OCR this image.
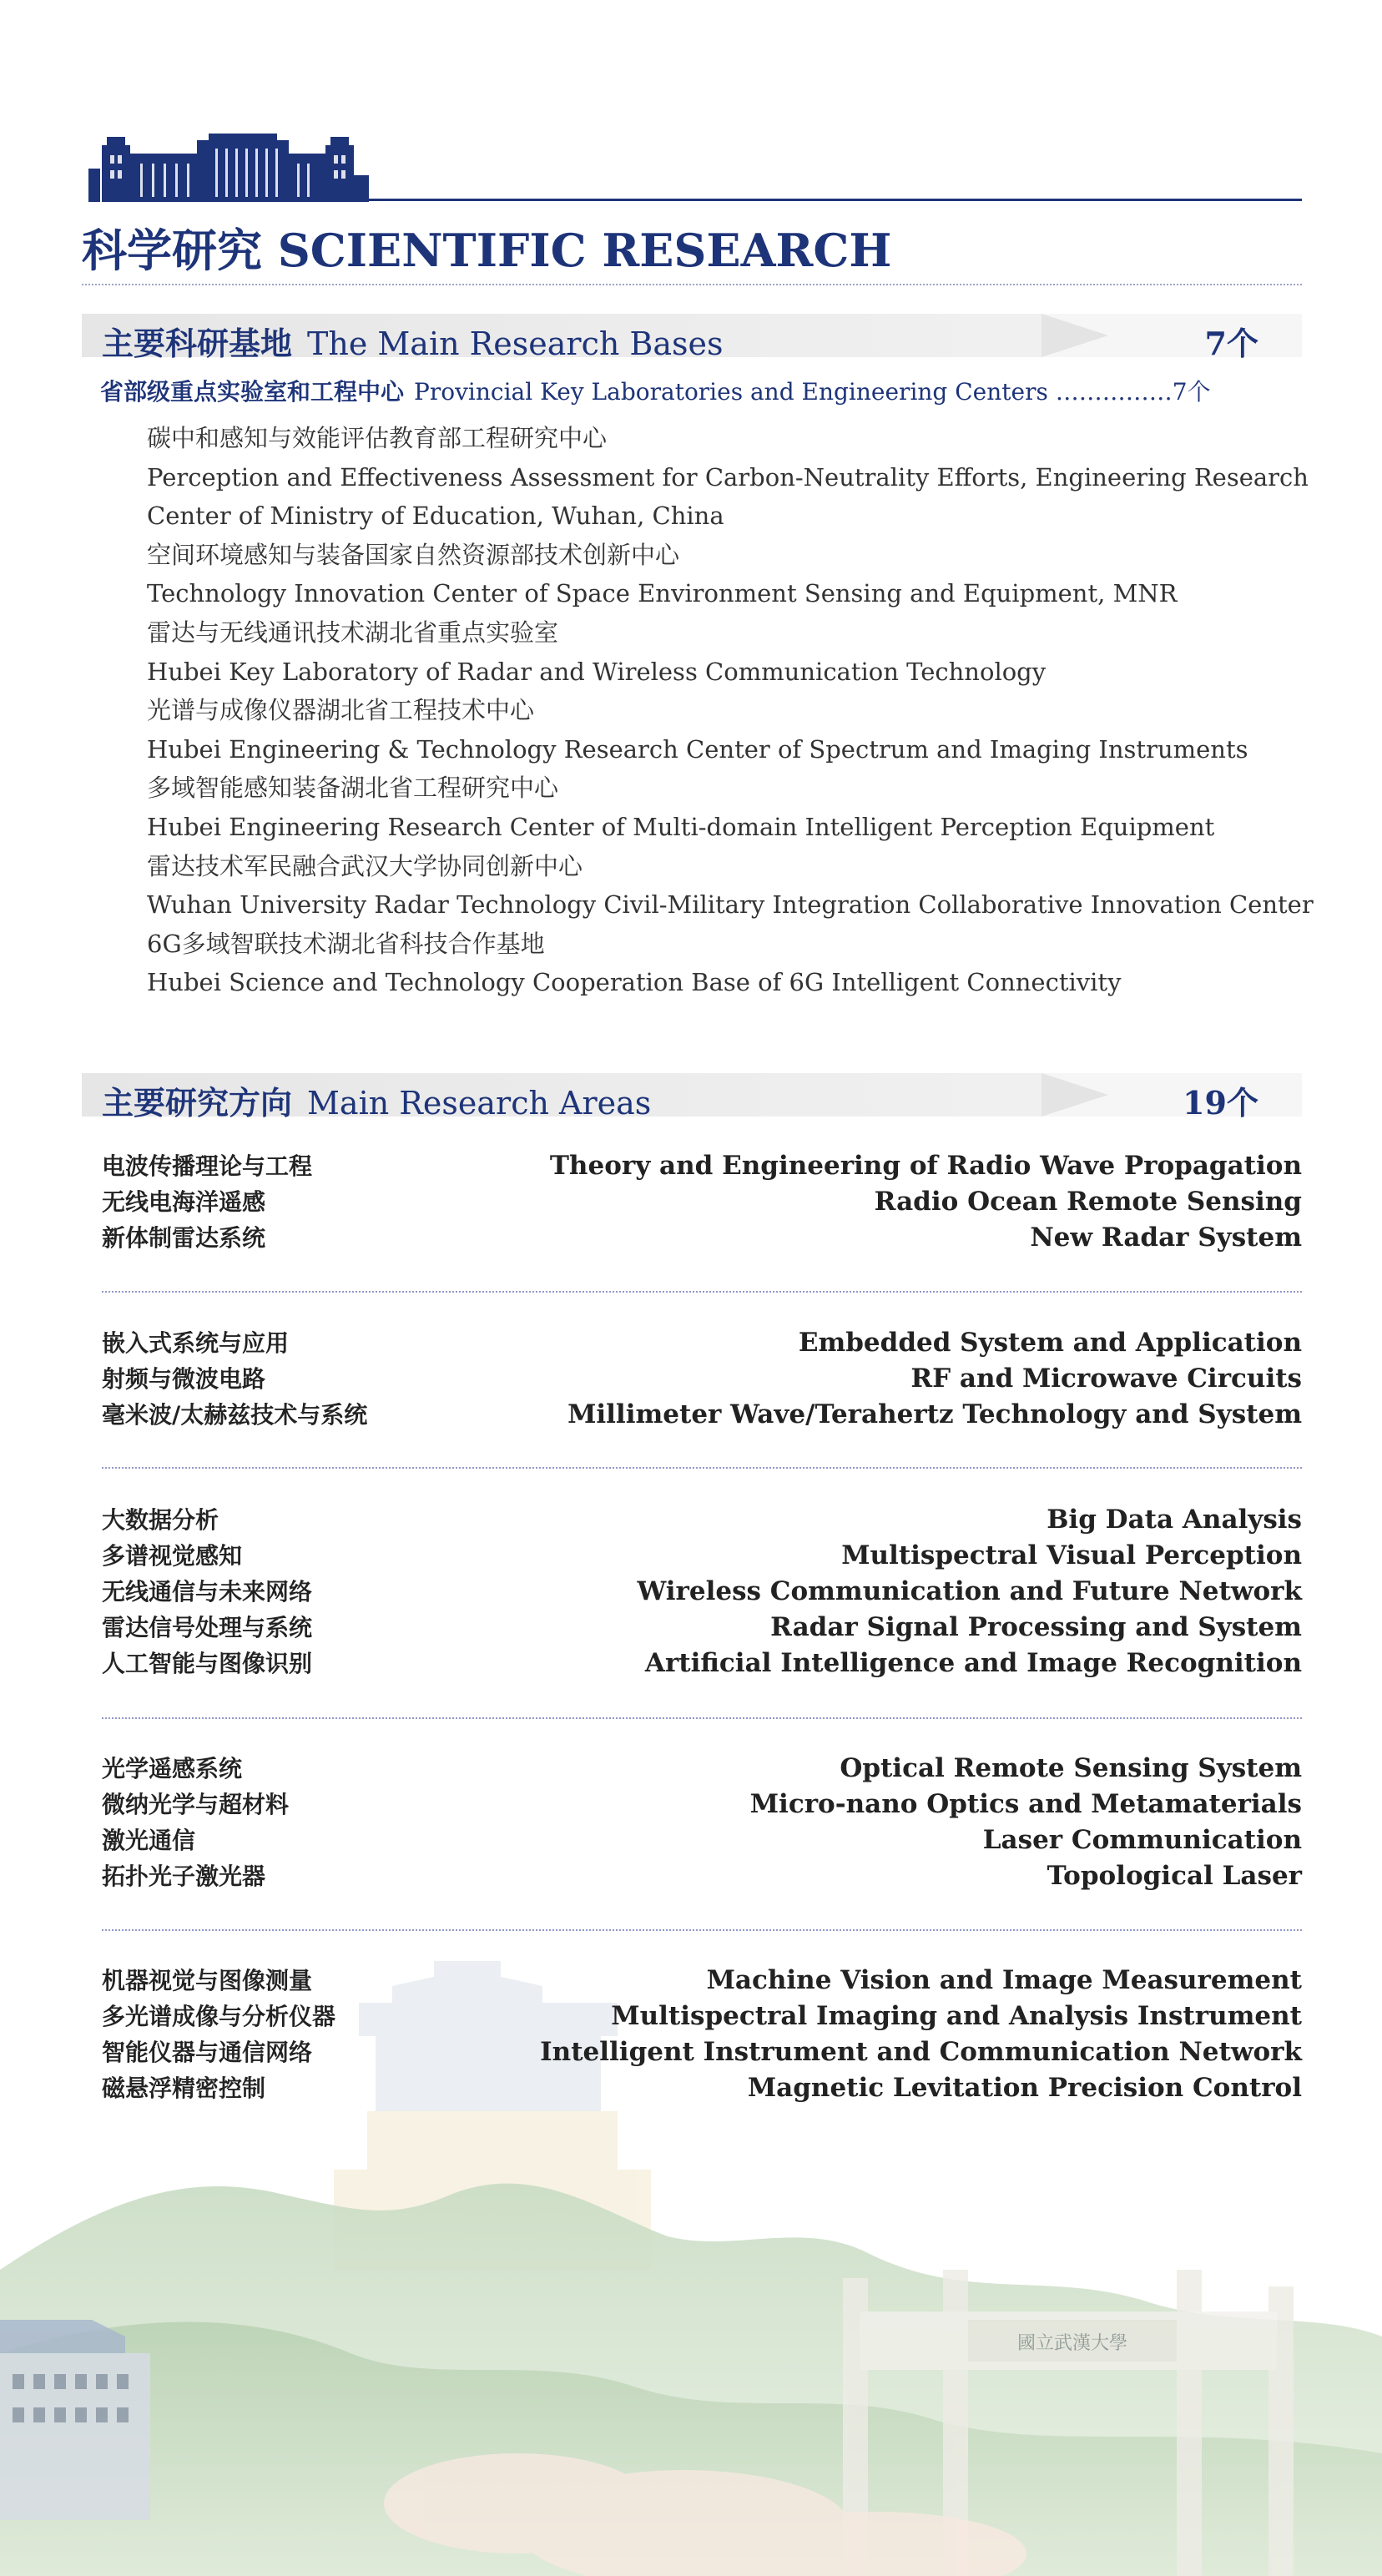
科学研究 SCIENTIFIC RESEARCH
主要科研基地 The Main Research Bases	7个
省部级重点实验室和工程中心 Provincial Key Laboratories and Engineering Centers ……………7个
碳中和感知与效能评估教育部工程研究中心
Perception and Effectiveness Assessment for Carbon-Neutrality Efforts, Engineering Research
Center of Ministry of Education, Wuhan, China
空间环境感知与装备国家自然资源部技术创新中心
Technology Innovation Center of Space Environment Sensing and Equipment, MNR
雷达与无线通讯技术湖北省重点实验室
Hubei Key Laboratory of Radar and Wireless Communication Technology
光谱与成像仪器湖北省工程技术中心
Hubei Engineering & Technology Research Center of Spectrum and Imaging Instruments
多域智能感知装备湖北省工程研究中心
Hubei Engineering Research Center of Multi-domain Intelligent Perception Equipment
雷达技术军民融合武汉大学协同创新中心
Wuhan University Radar Technology Civil-Military Integration Collaborative Innovation Center
6G多域智联技术湖北省科技合作基地
Hubei Science and Technology Cooperation Base of 6G Intelligent Connectivity
主要研究方向 Main Research Areas	19个
國立武漢大學
电波传播理论与工程	Theory and Engineering of Radio Wave Propagation
无线电海洋遥感	Radio Ocean Remote Sensing
新体制雷达系统	New Radar System
嵌入式系统与应用	Embedded System and Application
射频与微波电路	RF and Microwave Circuits
毫米波/太赫兹技术与系统	Millimeter Wave/Terahertz Technology and System
大数据分析	Big Data Analysis
多谱视觉感知	Multispectral Visual Perception
无线通信与未来网络	Wireless Communication and Future Network
雷达信号处理与系统	Radar Signal Processing and System
人工智能与图像识别	Artificial Intelligence and Image Recognition
光学遥感系统	Optical Remote Sensing System
微纳光学与超材料	Micro-nano Optics and Metamaterials
激光通信	Laser Communication
拓扑光子激光器	Topological Laser
机器视觉与图像测量	Machine Vision and Image Measurement
多光谱成像与分析仪器	Multispectral Imaging and Analysis Instrument
智能仪器与通信网络	Intelligent Instrument and Communication Network
磁悬浮精密控制	Magnetic Levitation Precision Control
